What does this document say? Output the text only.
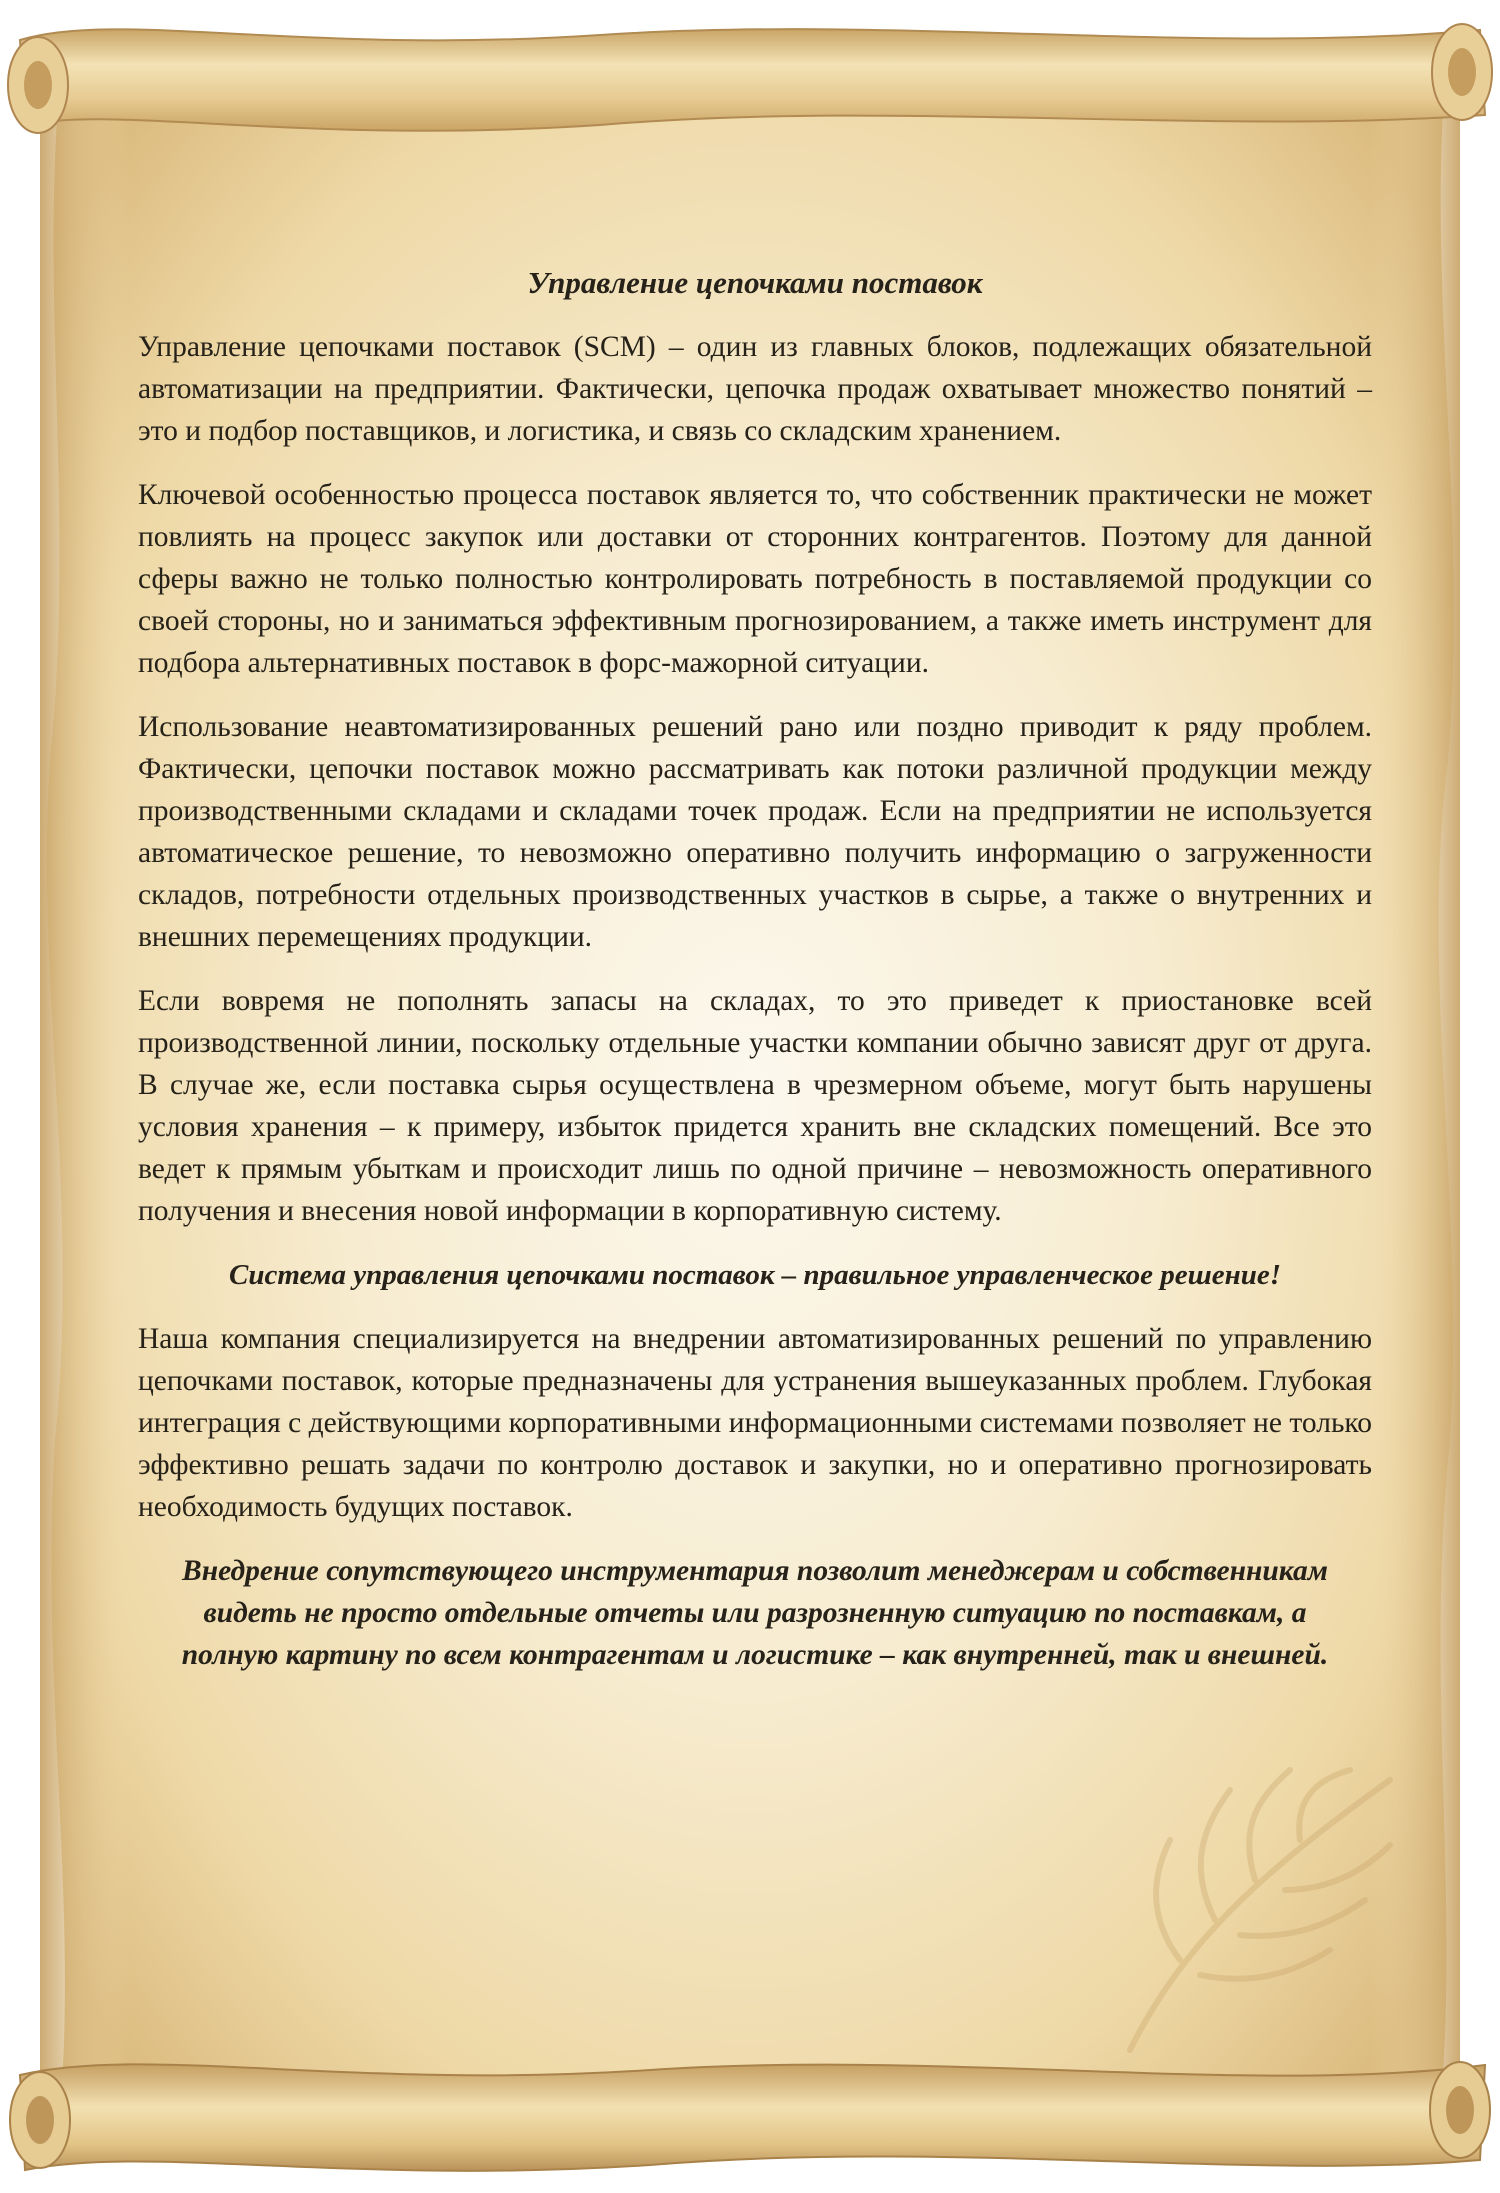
Управление цепочками поставок

Управление цепочками поставок (SCM) – один из главных блоков, подлежащих обязательной автоматизации на предприятии. Фактически, цепочка продаж охватывает множество понятий – это и подбор поставщиков, и логистика, и связь со складским хранением.

Ключевой особенностью процесса поставок является то, что собственник практически не может повлиять на процесс закупок или доставки от сторонних контрагентов. Поэтому для данной сферы важно не только полностью контролировать потребность в поставляемой продукции со своей стороны, но и заниматься эффективным прогнозированием, а также иметь инструмент для подбора альтернативных поставок в форс-мажорной ситуации.

Использование неавтоматизированных решений рано или поздно приводит к ряду проблем. Фактически, цепочки поставок можно рассматривать как потоки различной продукции между производственными складами и складами точек продаж. Если на предприятии не используется автоматическое решение, то невозможно оперативно получить информацию о загруженности складов, потребности отдельных производственных участков в сырье, а также о внутренних и внешних перемещениях продукции.

Если вовремя не пополнять запасы на складах, то это приведет к приостановке всей производственной линии, поскольку отдельные участки компании обычно зависят друг от друга. В случае же, если поставка сырья осуществлена в чрезмерном объеме, могут быть нарушены условия хранения – к примеру, избыток придется хранить вне складских помещений. Все это ведет к прямым убыткам и происходит лишь по одной причине – невозможность оперативного получения и внесения новой информации в корпоративную систему.

Система управления цепочками поставок – правильное управленческое решение!

Наша компания специализируется на внедрении автоматизированных решений по управлению цепочками поставок, которые предназначены для устранения вышеуказанных проблем. Глубокая интеграция с действующими корпоративными информационными системами позволяет не только эффективно решать задачи по контролю доставок и закупки, но и оперативно прогнозировать необходимость будущих поставок.

Внедрение сопутствующего инструментария позволит менеджерам и собственникам видеть не просто отдельные отчеты или разрозненную ситуацию по поставкам, а полную картину по всем контрагентам и логистике – как внутренней, так и внешней.
